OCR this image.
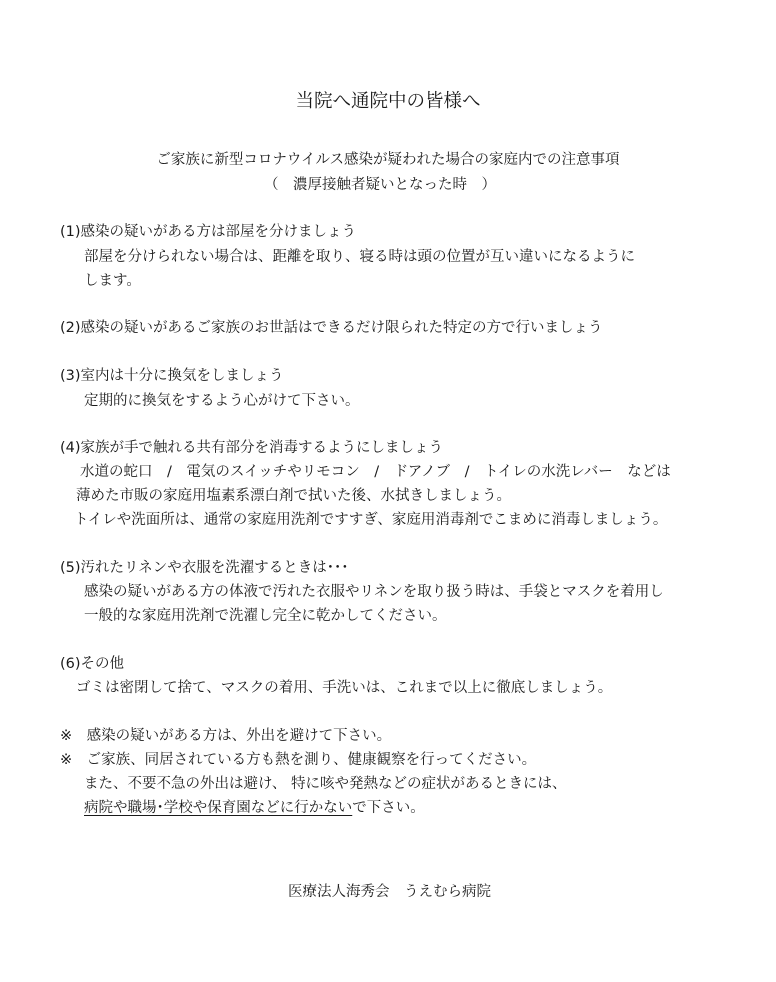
当院へ通院中の皆様へ
ご家族に新型コロナウイルス感染が疑われた場合の家庭内での注意事項
（　濃厚接触者疑いとなった時　）
(1)感染の疑いがある方は部屋を分けましょう
部屋を分けられない場合は、距離を取り、寝る時は頭の位置が互い違いになるように
します。
(2)感染の疑いがあるご家族のお世話はできるだけ限られた特定の方で行いましょう
(3)室内は十分に換気をしましょう
定期的に換気をするよう心がけて下さい。
(4)家族が手で触れる共有部分を消毒するようにしましょう
水道の蛇口　/　電気のスイッチやリモコン　/　ドアノブ　/　トイレの水洗レバー　などは
薄めた市販の家庭用塩素系漂白剤で拭いた後、水拭きしましょう。
トイレや洗面所は、通常の家庭用洗剤ですすぎ、家庭用消毒剤でこまめに消毒しましょう。
(5)汚れたリネンや衣服を洗濯するときは･･･
感染の疑いがある方の体液で汚れた衣服やリネンを取り扱う時は、手袋とマスクを着用し
一般的な家庭用洗剤で洗濯し完全に乾かしてください。
(6)その他
ゴミは密閉して捨て、マスクの着用、手洗いは、これまで以上に徹底しましょう。
※　感染の疑いがある方は、外出を避けて下さい。
※　ご家族、同居されている方も熱を測り、健康観察を行ってください。
また、不要不急の外出は避け、 特に咳や発熱などの症状があるときには、
病院や職場･学校や保育園などに行かないで下さい。
医療法人海秀会　うえむら病院
